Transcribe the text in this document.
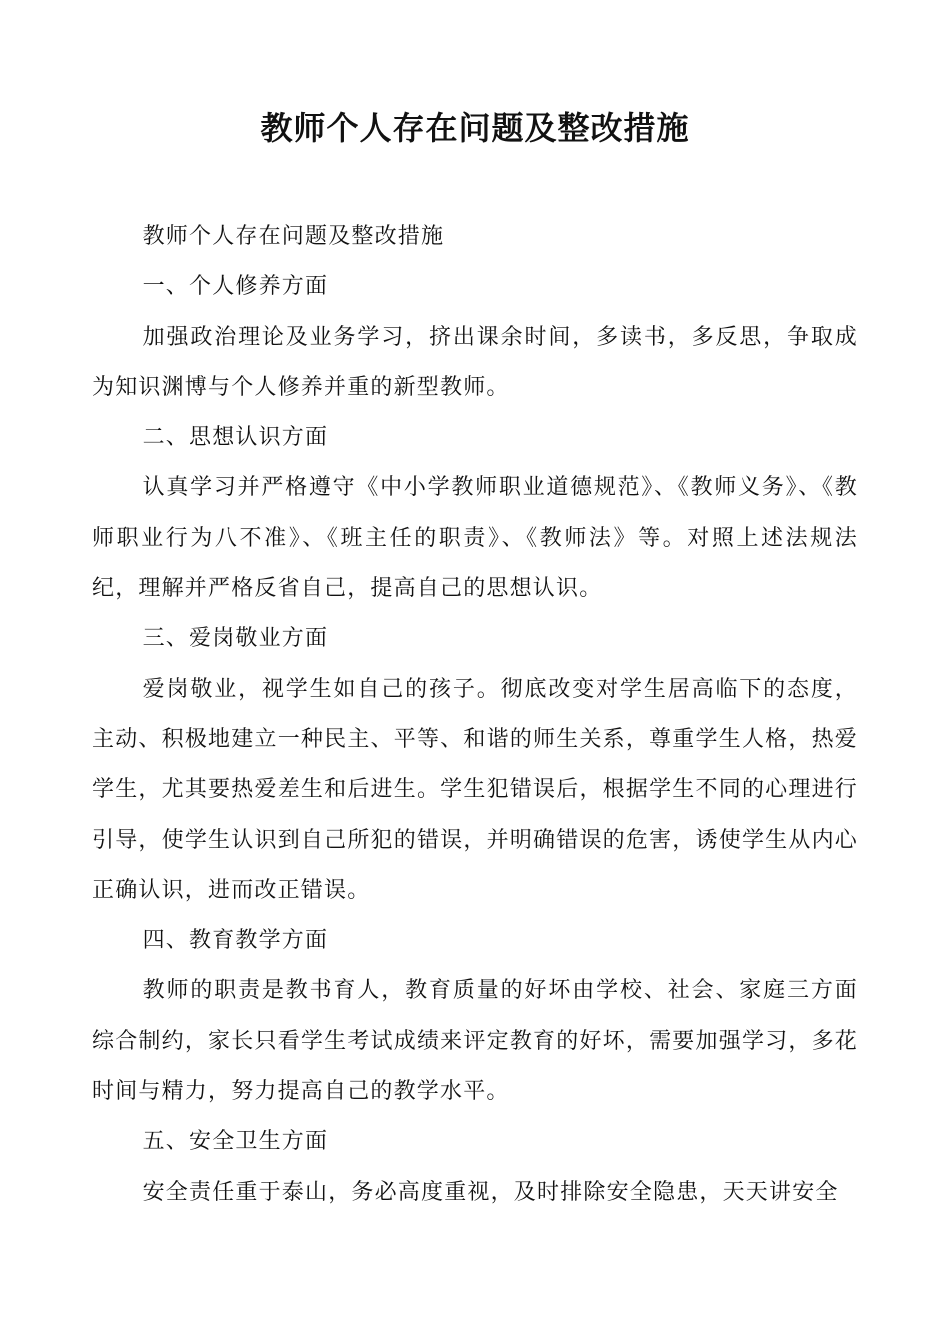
教师个人存在问题及整改措施

教师个人存在问题及整改措施

一、个人修养方面

加强政治理论及业务学习，挤出课余时间，多读书，多反思，争取成为知识渊博与个人修养并重的新型教师。

二、思想认识方面

认真学习并严格遵守《中小学教师职业道德规范》、《教师义务》、《教师职业行为八不准》、《班主任的职责》、《教师法》等。对照上述法规法纪，理解并严格反省自己，提高自己的思想认识。

三、爱岗敬业方面

爱岗敬业，视学生如自己的孩子。彻底改变对学生居高临下的态度，主动、积极地建立一种民主、平等、和谐的师生关系，尊重学生人格，热爱学生，尤其要热爱差生和后进生。学生犯错误后，根据学生不同的心理进行引导，使学生认识到自己所犯的错误，并明确错误的危害，诱使学生从内心正确认识，进而改正错误。

四、教育教学方面

教师的职责是教书育人，教育质量的好坏由学校、社会、家庭三方面综合制约，家长只看学生考试成绩来评定教育的好坏，需要加强学习，多花时间与精力，努力提高自己的教学水平。

五、安全卫生方面

安全责任重于泰山，务必高度重视，及时排除安全隐患，天天讲安全
